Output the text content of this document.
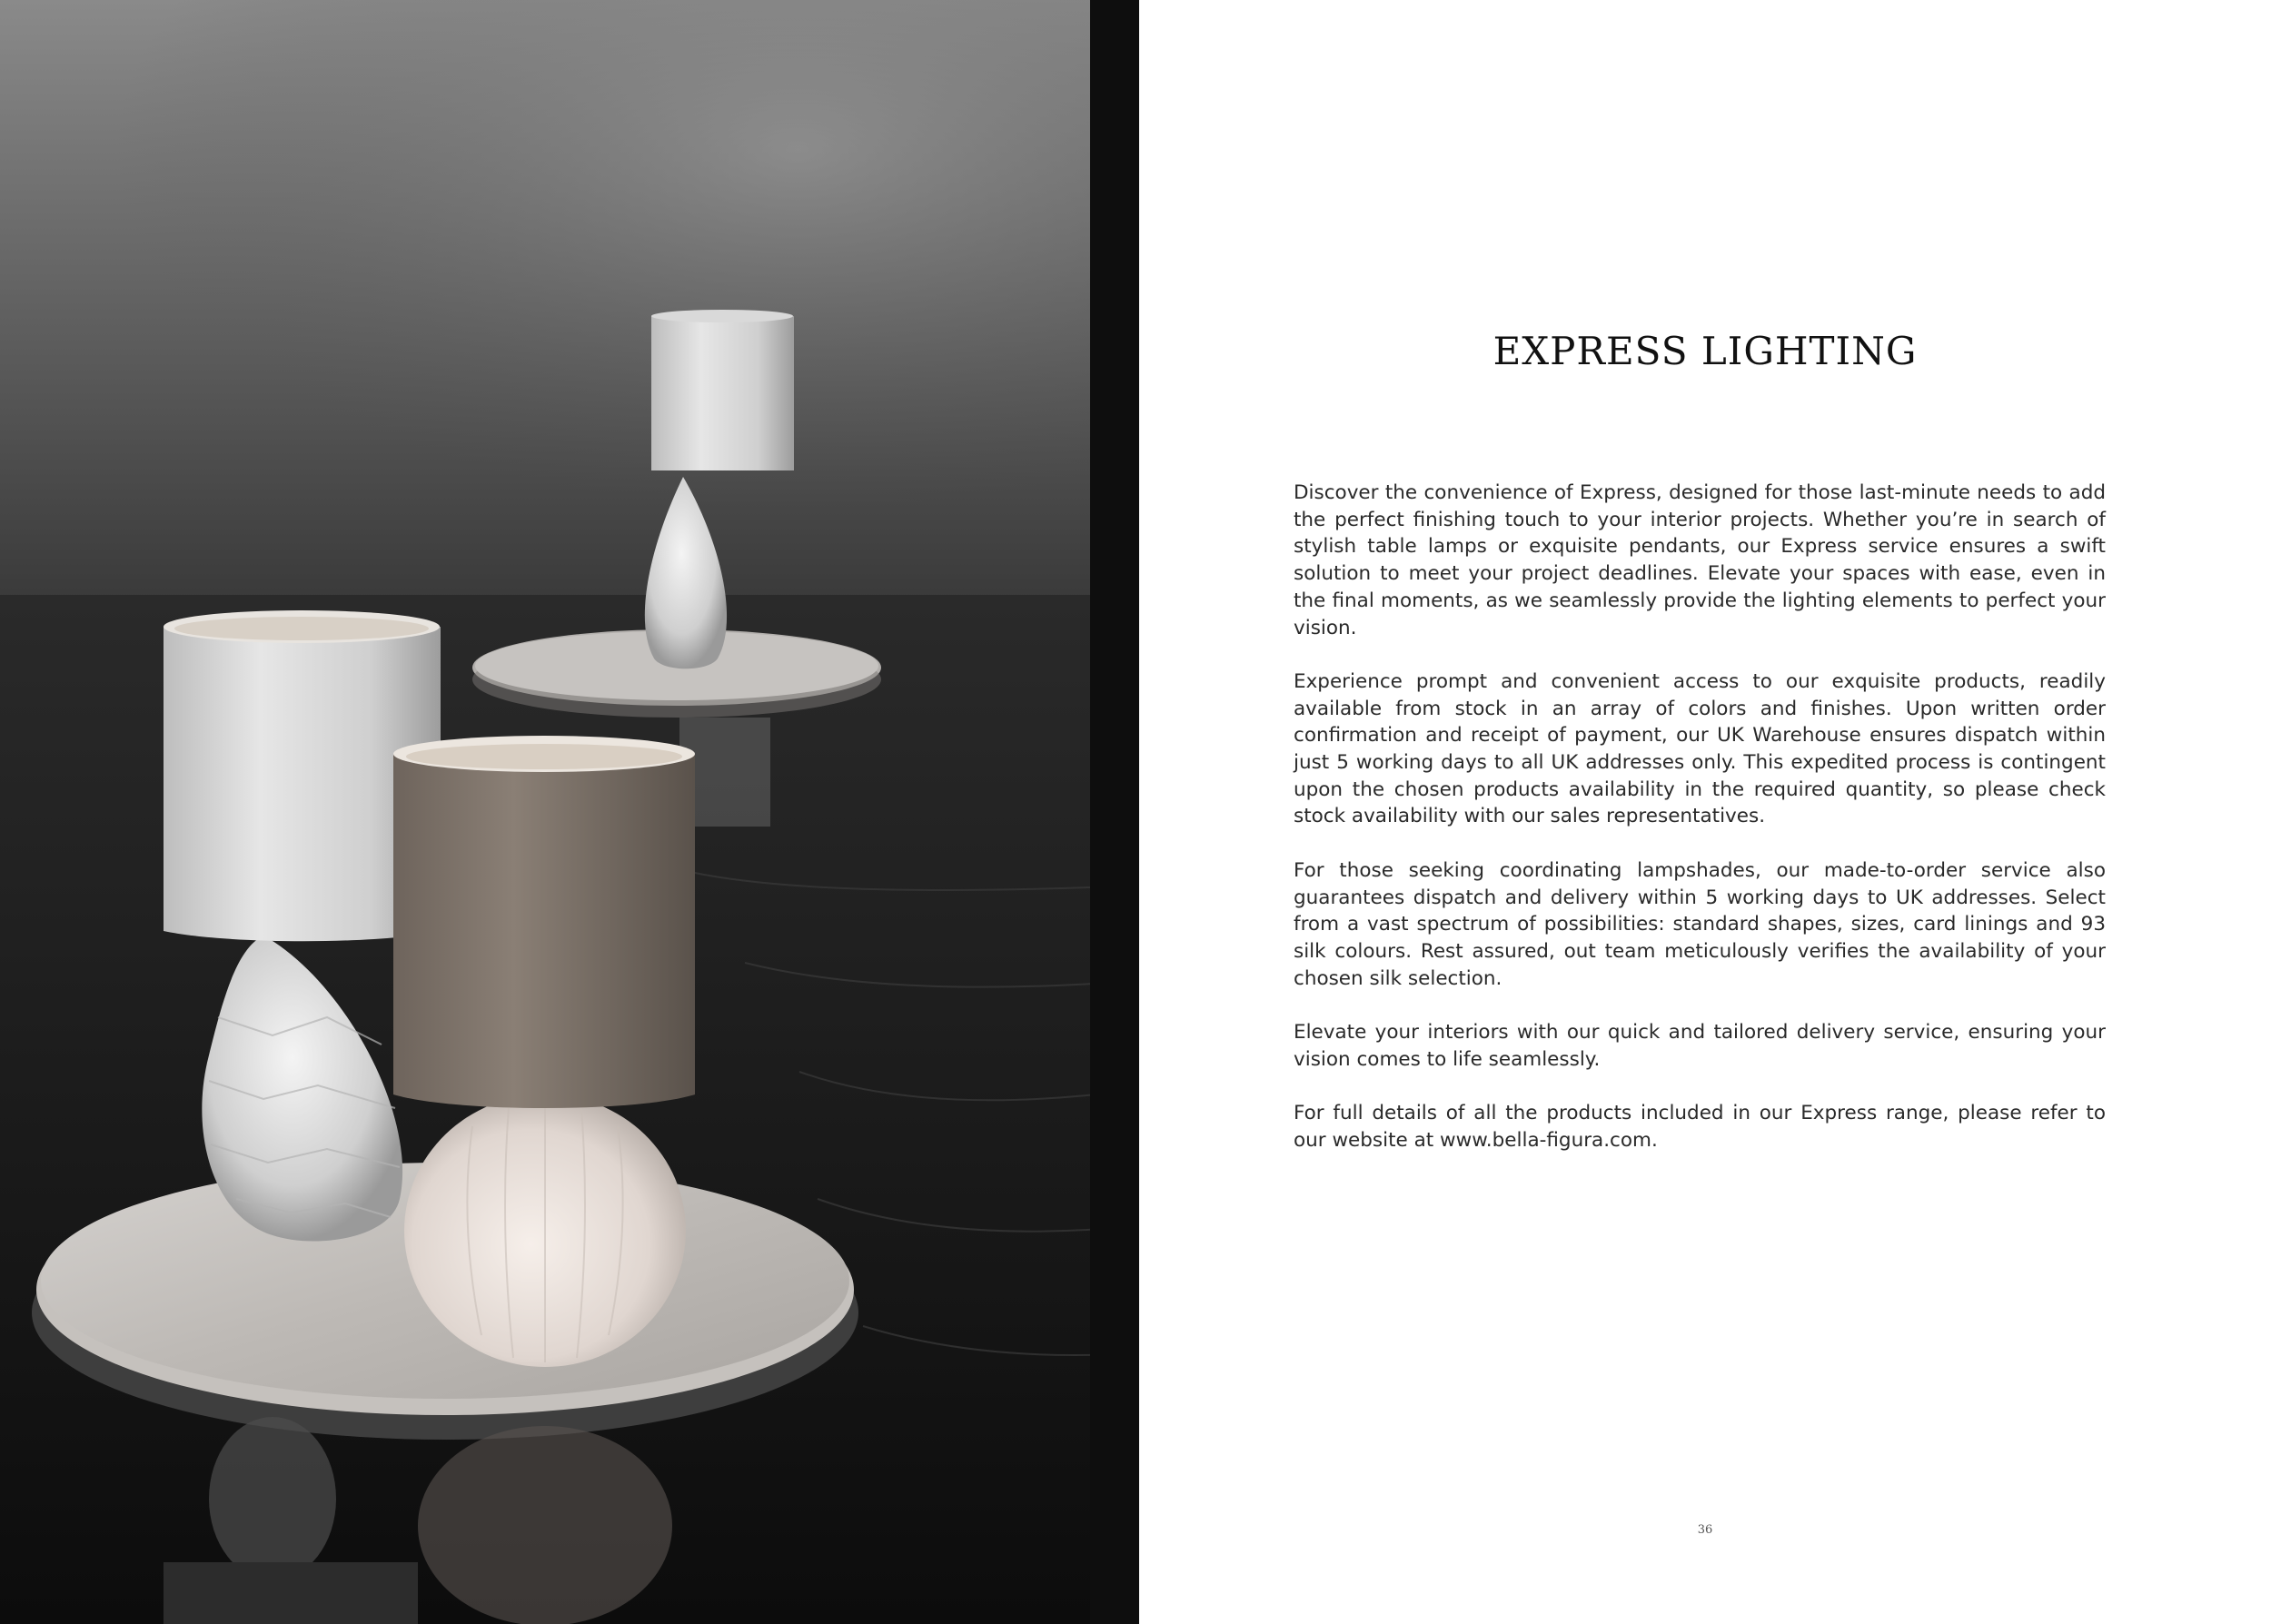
EXPRESS LIGHTING

Discover the convenience of Express, designed for those last-minute needs to add the perfect finishing touch to your interior projects. Whether you’re in search of stylish table lamps or exquisite pendants, our Express service ensures a swift solution to meet your project deadlines. Elevate your spaces with ease, even in the final moments, as we seamlessly provide the lighting elements to perfect your vision.

Experience prompt and convenient access to our exquisite products, readily available from stock in an array of colors and finishes. Upon written order confirmation and receipt of payment, our UK Warehouse ensures dispatch within just 5 working days to all UK addresses only. This expedited process is contingent upon the chosen products availability in the required quantity, so please check stock availability with our sales representatives.

For those seeking coordinating lampshades, our made-to-order service also guarantees dispatch and delivery within 5 working days to UK addresses. Select from a vast spectrum of possibilities: standard shapes, sizes, card linings and 93 silk colours. Rest assured, out team meticulously verifies the availability of your chosen silk selection.

Elevate your interiors with our quick and tailored delivery service, ensuring your vision comes to life seamlessly.

For full details of all the products included in our Express range, please refer to our website at www.bella-figura.com.

36
